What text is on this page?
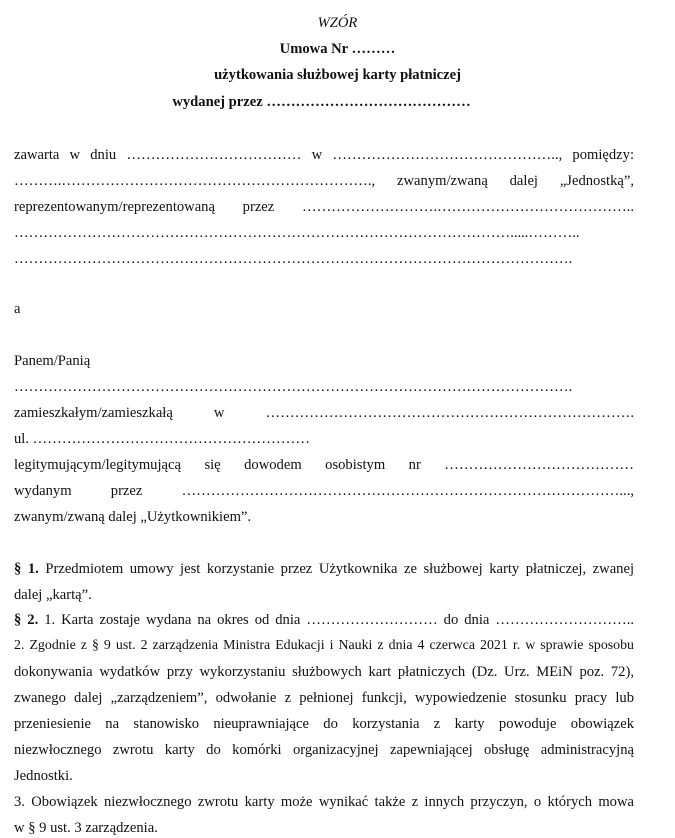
WZÓR
Umowa Nr ………
użytkowania służbowej karty płatniczej
wydanej przez ……………………………………
zawarta w dniu ……………………………… w ……………………………………….., pomiędzy:
……….………………………………………………………., zwanym/zwaną dalej „Jednostką”,
reprezentowanym/reprezentowaną przez ……………………….…………………………………..
………………………………………………………………………………………….....………..
…………………………………………………………………………………………………….
a
Panem/Panią
…………………………………………………………………………………………………….
zamieszkałym/zamieszkałą w ………………………………………………………………….
ul. …………………………………………………
legitymującym/legitymującą się dowodem osobistym nr …………………………………
wydanym przez ………………………………………………………………………………...,
zwanym/zwaną dalej „Użytkownikiem”.
§ 1. Przedmiotem umowy jest korzystanie przez Użytkownika ze służbowej karty płatniczej, zwanej
dalej „kartą”.
§ 2. 1. Karta zostaje wydana na okres od dnia ……………………… do dnia ………………………..
2. Zgodnie z § 9 ust. 2 zarządzenia Ministra Edukacji i Nauki z dnia 4 czerwca 2021 r. w sprawie sposobu
dokonywania wydatków przy wykorzystaniu służbowych kart płatniczych (Dz. Urz. MEiN poz. 72),
zwanego dalej „zarządzeniem”, odwołanie z pełnionej funkcji, wypowiedzenie stosunku pracy lub
przeniesienie na stanowisko nieuprawniające do korzystania z karty powoduje obowiązek
niezwłocznego zwrotu karty do komórki organizacyjnej zapewniającej obsługę administracyjną
Jednostki.
3. Obowiązek niezwłocznego zwrotu karty może wynikać także z innych przyczyn, o których mowa
w § 9 ust. 3 zarządzenia.
